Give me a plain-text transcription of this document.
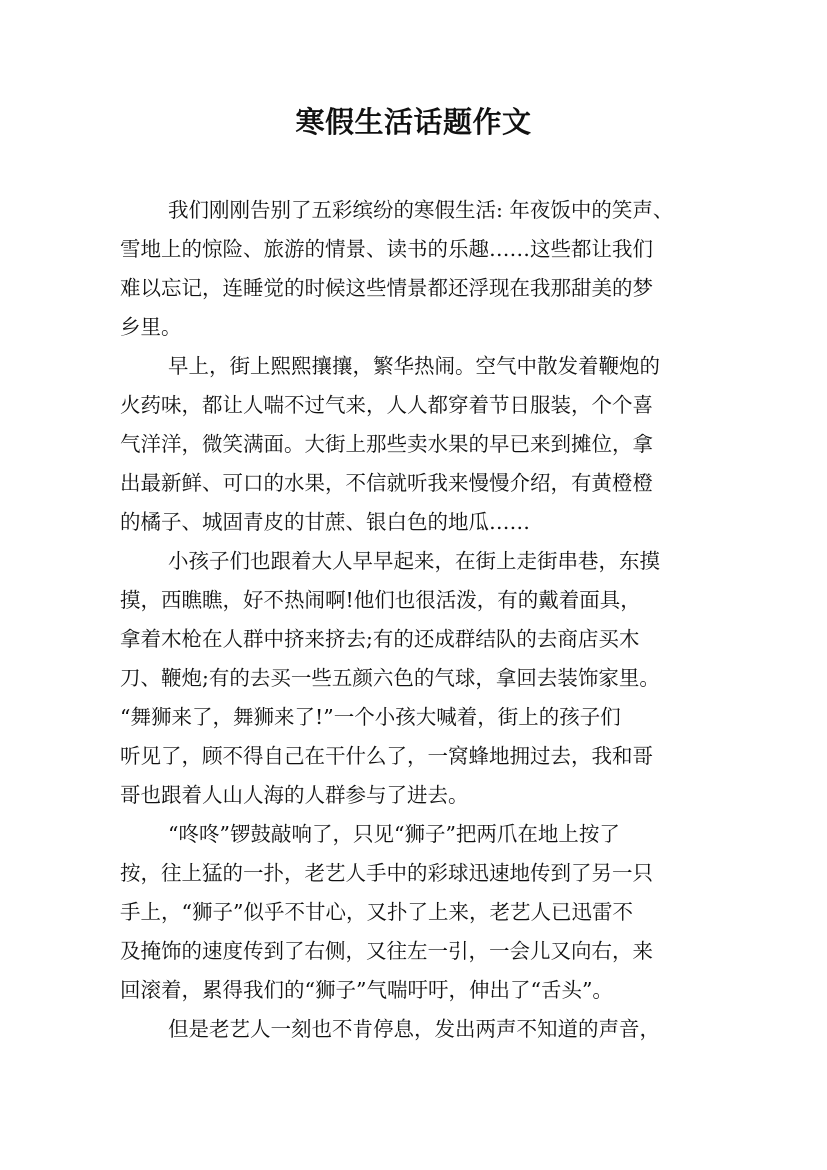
寒假生活话题作文
我们刚刚告别了五彩缤纷的寒假生活: 年夜饭中的笑声、
雪地上的惊险、旅游的情景、读书的乐趣……这些都让我们
难以忘记，连睡觉的时候这些情景都还浮现在我那甜美的梦
乡里。
早上，街上熙熙攘攘，繁华热闹。空气中散发着鞭炮的
火药味，都让人喘不过气来，人人都穿着节日服装，个个喜
气洋洋，微笑满面。大街上那些卖水果的早已来到摊位，拿
出最新鲜、可口的水果，不信就听我来慢慢介绍，有黄橙橙
的橘子、城固青皮的甘蔗、银白色的地瓜……
小孩子们也跟着大人早早起来，在街上走街串巷，东摸
摸，西瞧瞧，好不热闹啊!他们也很活泼，有的戴着面具，
拿着木枪在人群中挤来挤去;有的还成群结队的去商店买木
刀、鞭炮;有的去买一些五颜六色的气球，拿回去装饰家里。
“舞狮来了，舞狮来了!”一个小孩大喊着，街上的孩子们
听见了，顾不得自己在干什么了，一窝蜂地拥过去，我和哥
哥也跟着人山人海的人群参与了进去。
“咚咚”锣鼓敲响了，只见“狮子”把两爪在地上按了
按，往上猛的一扑，老艺人手中的彩球迅速地传到了另一只
手上，“狮子”似乎不甘心，又扑了上来，老艺人已迅雷不
及掩饰的速度传到了右侧，又往左一引，一会儿又向右，来
回滚着，累得我们的“狮子”气喘吁吁，伸出了“舌头”。
但是老艺人一刻也不肯停息，发出两声不知道的声音，
